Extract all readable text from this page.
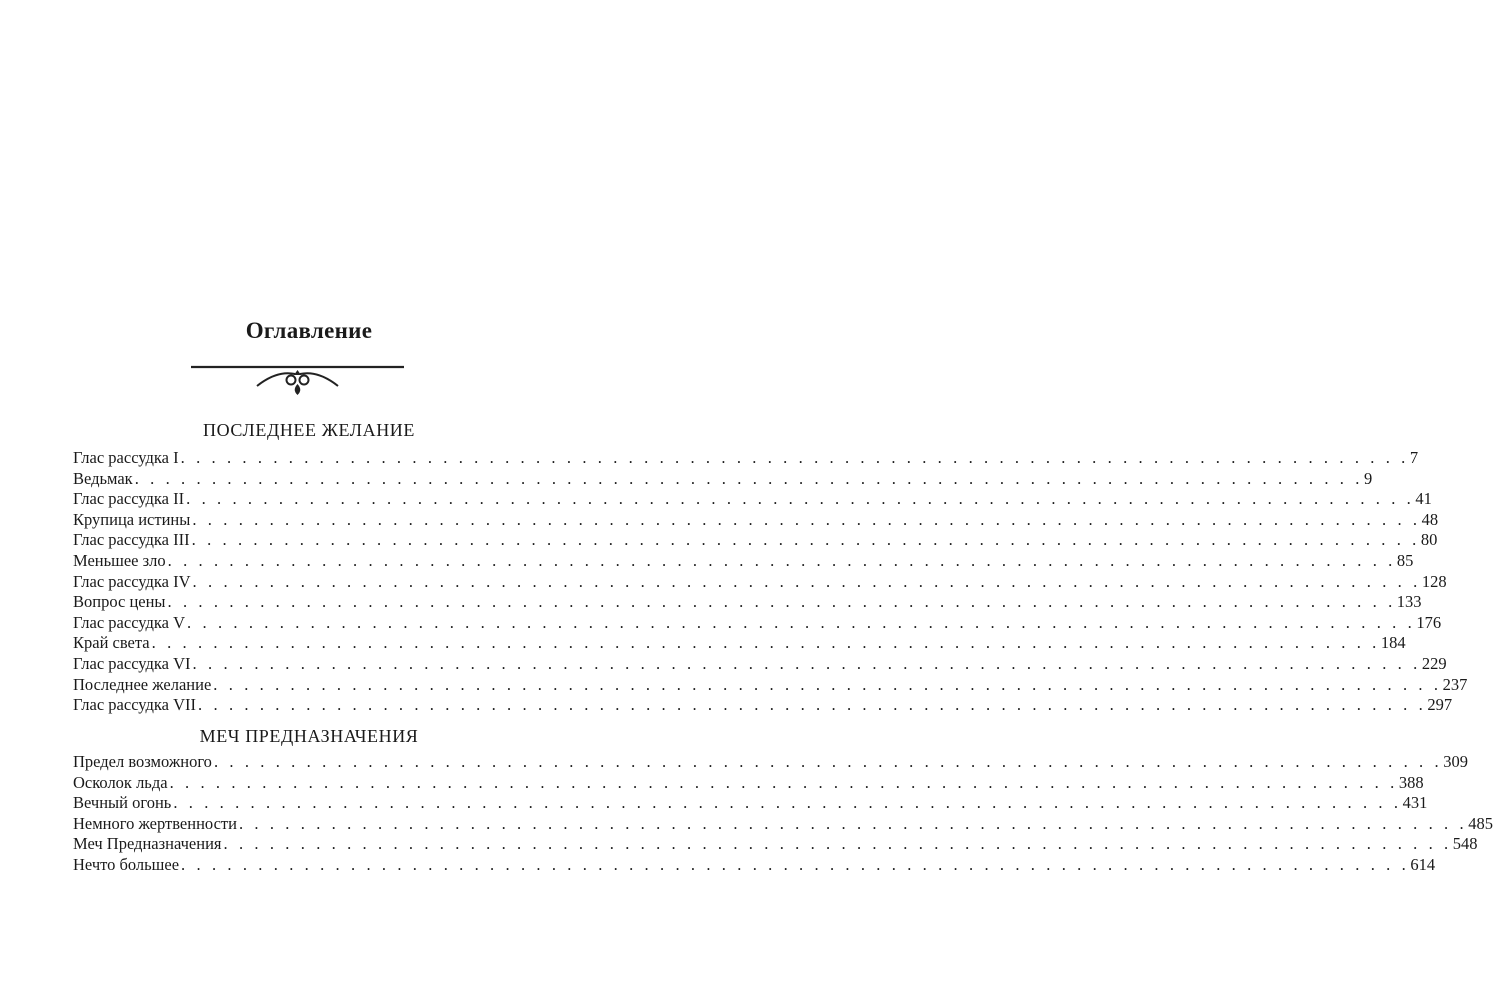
Оглавление
ПОСЛЕДНЕЕ ЖЕЛАНИЕ
Глас рассудка I . . . . . . . . . . . . . . . . . . . . . . . . . . . . . . . . . . . . . . . . . . . . . . . . . . . . . . . . . . . . . . . . . . . . . . . . . . . . . . . . 7
Ведьмак . . . . . . . . . . . . . . . . . . . . . . . . . . . . . . . . . . . . . . . . . . . . . . . . . . . . . . . . . . . . . . . . . . . . . . . . . . . . . . . . 9
Глас рассудка II . . . . . . . . . . . . . . . . . . . . . . . . . . . . . . . . . . . . . . . . . . . . . . . . . . . . . . . . . . . . . . . . . . . . . . . . . . . . . . . . 41
Крупица истины . . . . . . . . . . . . . . . . . . . . . . . . . . . . . . . . . . . . . . . . . . . . . . . . . . . . . . . . . . . . . . . . . . . . . . . . . . . . . . . . 48
Глас рассудка III . . . . . . . . . . . . . . . . . . . . . . . . . . . . . . . . . . . . . . . . . . . . . . . . . . . . . . . . . . . . . . . . . . . . . . . . . . . . . . . . 80
Меньшее зло . . . . . . . . . . . . . . . . . . . . . . . . . . . . . . . . . . . . . . . . . . . . . . . . . . . . . . . . . . . . . . . . . . . . . . . . . . . . . . . . 85
Глас рассудка IV . . . . . . . . . . . . . . . . . . . . . . . . . . . . . . . . . . . . . . . . . . . . . . . . . . . . . . . . . . . . . . . . . . . . . . . . . . . . . . . . 128
Вопрос цены . . . . . . . . . . . . . . . . . . . . . . . . . . . . . . . . . . . . . . . . . . . . . . . . . . . . . . . . . . . . . . . . . . . . . . . . . . . . . . . . 133
Глас рассудка V . . . . . . . . . . . . . . . . . . . . . . . . . . . . . . . . . . . . . . . . . . . . . . . . . . . . . . . . . . . . . . . . . . . . . . . . . . . . . . . . 176
Край света . . . . . . . . . . . . . . . . . . . . . . . . . . . . . . . . . . . . . . . . . . . . . . . . . . . . . . . . . . . . . . . . . . . . . . . . . . . . . . . . 184
Глас рассудка VI . . . . . . . . . . . . . . . . . . . . . . . . . . . . . . . . . . . . . . . . . . . . . . . . . . . . . . . . . . . . . . . . . . . . . . . . . . . . . . . . 229
Последнее желание . . . . . . . . . . . . . . . . . . . . . . . . . . . . . . . . . . . . . . . . . . . . . . . . . . . . . . . . . . . . . . . . . . . . . . . . . . . . . . . . 237
Глас рассудка VII . . . . . . . . . . . . . . . . . . . . . . . . . . . . . . . . . . . . . . . . . . . . . . . . . . . . . . . . . . . . . . . . . . . . . . . . . . . . . . . . 297
МЕЧ ПРЕДНАЗНАЧЕНИЯ
Предел возможного . . . . . . . . . . . . . . . . . . . . . . . . . . . . . . . . . . . . . . . . . . . . . . . . . . . . . . . . . . . . . . . . . . . . . . . . . . . . . . . . 309
Осколок льда . . . . . . . . . . . . . . . . . . . . . . . . . . . . . . . . . . . . . . . . . . . . . . . . . . . . . . . . . . . . . . . . . . . . . . . . . . . . . . . . 388
Вечный огонь . . . . . . . . . . . . . . . . . . . . . . . . . . . . . . . . . . . . . . . . . . . . . . . . . . . . . . . . . . . . . . . . . . . . . . . . . . . . . . . . 431
Немного жертвенности . . . . . . . . . . . . . . . . . . . . . . . . . . . . . . . . . . . . . . . . . . . . . . . . . . . . . . . . . . . . . . . . . . . . . . . . . . . . . . . . 485
Меч Предназначения . . . . . . . . . . . . . . . . . . . . . . . . . . . . . . . . . . . . . . . . . . . . . . . . . . . . . . . . . . . . . . . . . . . . . . . . . . . . . . . . 548
Нечто большее . . . . . . . . . . . . . . . . . . . . . . . . . . . . . . . . . . . . . . . . . . . . . . . . . . . . . . . . . . . . . . . . . . . . . . . . . . . . . . . . 614
